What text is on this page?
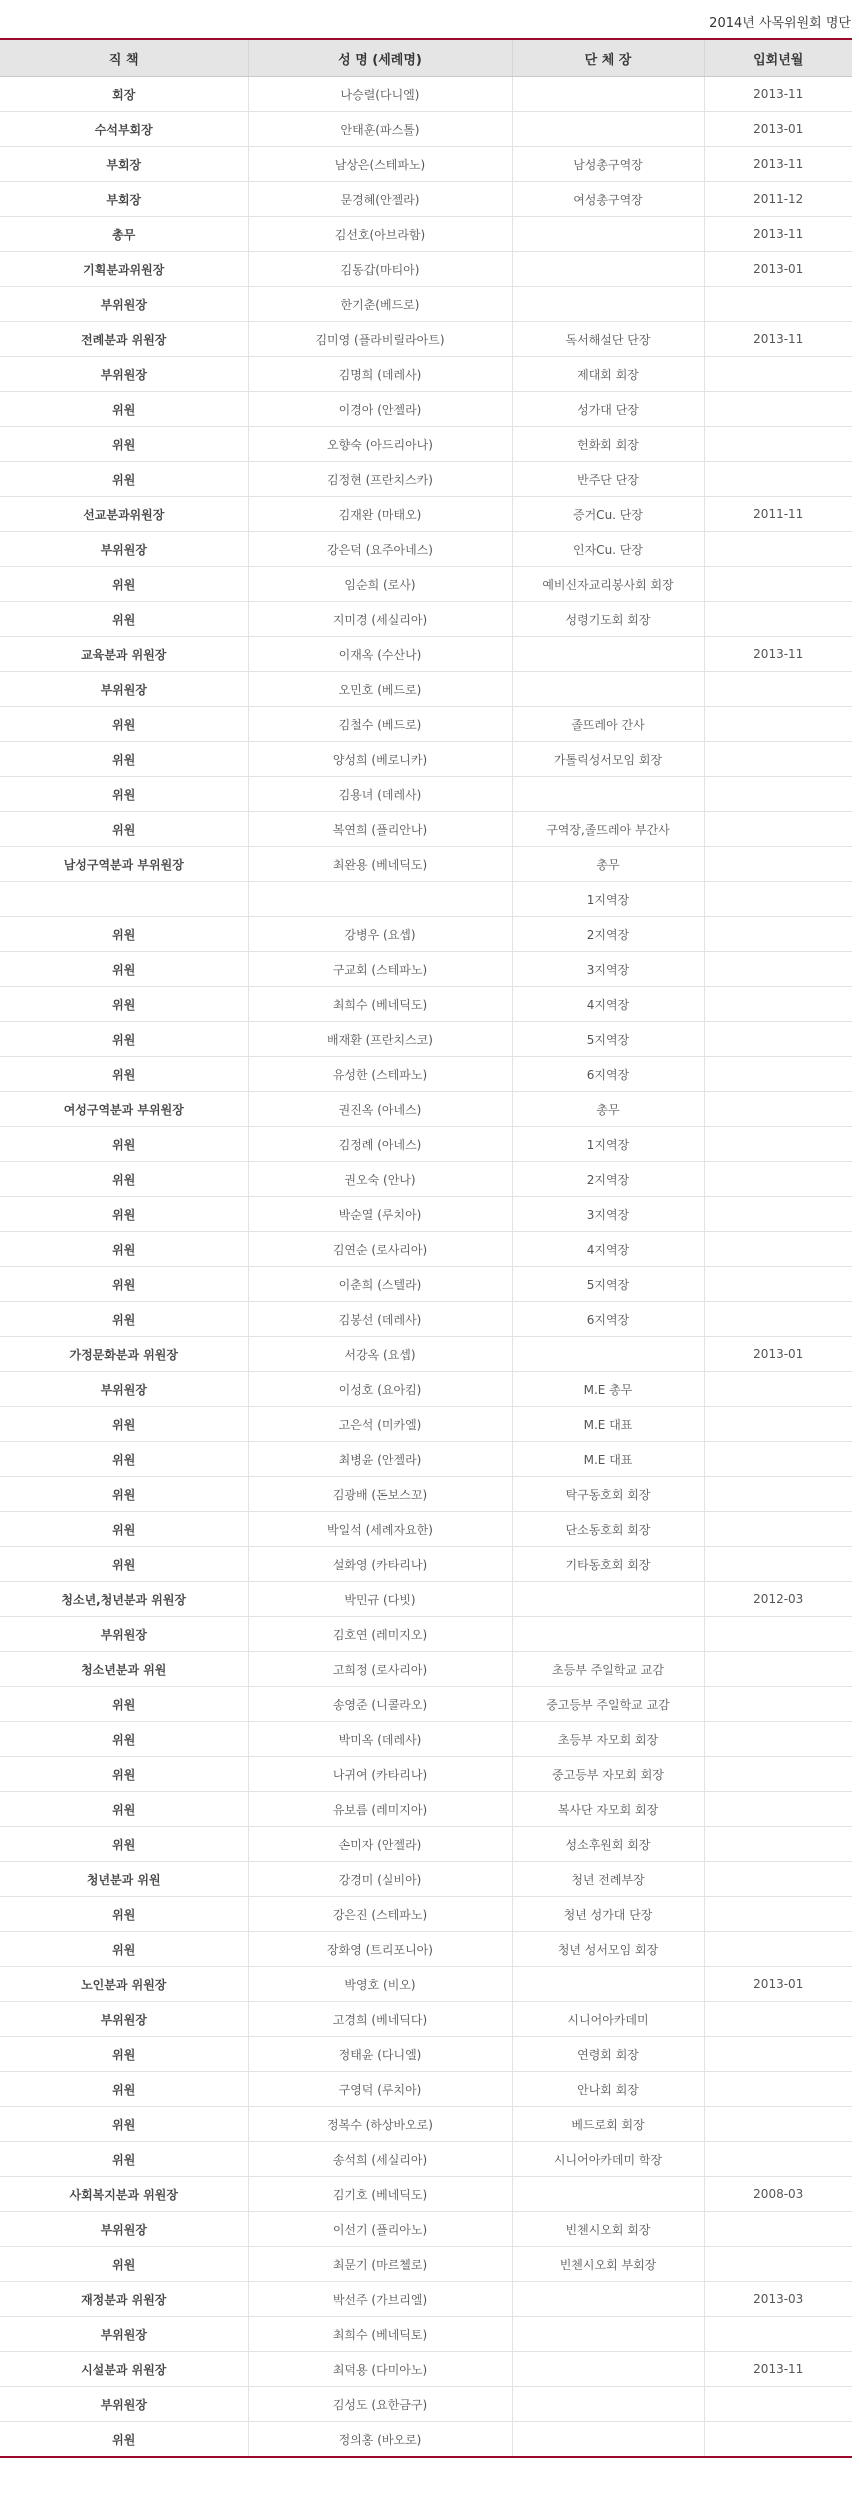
2014년 사목위원회 명단
직 책	성 명 (세례명)	단 체 장	입회년월
회장	나승렬(다니엘)		2013-11
수석부회장	안태훈(파스톨)		2013-01
부회장	남상은(스테파노)	남성총구역장	2013-11
부회장	문경혜(안젤라)	여성총구역장	2011-12
총무	김선호(아브라함)		2013-11
기획분과위원장	김동갑(마티아)		2013-01
부위원장	한기춘(베드로)		
전례분과 위원장	김미영 (플라비릴라아트)	독서해설단 단장	2013-11
부위원장	김명희 (데레사)	제대회 회장	
위원	이경아 (안젤라)	성가대 단장	
위원	오향숙 (아드리아나)	헌화회 회장	
위원	김정현 (프란치스카)	반주단 단장	
선교분과위원장	김재완 (마태오)	증거Cu. 단장	2011-11
부위원장	강은덕 (요주아네스)	인자Cu. 단장	
위원	임순희 (로사)	예비신자교리봉사회 회장	
위원	지미경 (세실리아)	성령기도회 회장	
교육분과 위원장	이재옥 (수산나)		2013-11
부위원장	오민호 (베드로)		
위원	김철수 (베드로)	졸뜨레아 간사	
위원	양성희 (베로니카)	가톨릭성서모임 회장	
위원	김용녀 (데레사)		
위원	복연희 (플리안나)	구역장,졸뜨레아 부간사	
남성구역분과 부위원장	최완용 (베네딕도)	총무	
		1지역장	
위원	강병우 (요셉)	2지역장	
위원	구교회 (스테파노)	3지역장	
위원	최희수 (베네딕도)	4지역장	
위원	배재환 (프란치스코)	5지역장	
위원	유성한 (스테파노)	6지역장	
여성구역분과 부위원장	권진옥 (아네스)	총무	
위원	김정례 (아네스)	1지역장	
위원	권오숙 (안나)	2지역장	
위원	박순열 (루치아)	3지역장	
위원	김연순 (로사리아)	4지역장	
위원	이춘희 (스텔라)	5지역장	
위원	김봉선 (데레사)	6지역장	
가정문화분과 위원장	서강옥 (요셉)		2013-01
부위원장	이성호 (요아킴)	M.E 총무	
위원	고은석 (미카엘)	M.E 대표	
위원	최병윤 (안젤라)	M.E 대표	
위원	김광배 (돈보스꼬)	탁구동호회 회장	
위원	박일석 (세례자요한)	단소동호회 회장	
위원	설화영 (카타리나)	기타동호회 회장	
청소년,청년분과 위원장	박민규 (다빗)		2012-03
부위원장	김호연 (레미지오)		
청소년분과 위원	고희정 (로사리아)	초등부 주일학교 교감	
위원	송영준 (니콜라오)	중고등부 주일학교 교감	
위원	박미옥 (데레사)	초등부 자모회 회장	
위원	나귀여 (카타리나)	중고등부 자모회 회장	
위원	유보름 (레미지아)	복사단 자모회 회장	
위원	손미자 (안젤라)	성소후원회 회장	
청년분과 위원	강경미 (실비아)	청년 전례부장	
위원	강은진 (스테파노)	청년 성가대 단장	
위원	장화영 (트리포니아)	청년 성서모임 회장	
노인분과 위원장	박영호 (비오)		2013-01
부위원장	고경희 (베네딕다)	시니어아카데미	
위원	정태윤 (다니엘)	연령회 회장	
위원	구영덕 (루치아)	안나회 회장	
위원	정복수 (하상바오로)	베드로회 회장	
위원	송석희 (세실리아)	시니어아카데미 학장	
사회복지분과 위원장	김기호 (베네딕도)		2008-03
부위원장	이선기 (플리아노)	빈첸시오회 회장	
위원	최문기 (마르첼로)	빈첸시오회 부회장	
재정분과 위원장	박선주 (가브리엘)		2013-03
부위원장	최희수 (베네딕토)		
시설분과 위원장	최덕용 (다미아노)		2013-11
부위원장	김성도 (요한금구)		
위원	정의홍 (바오로)		
